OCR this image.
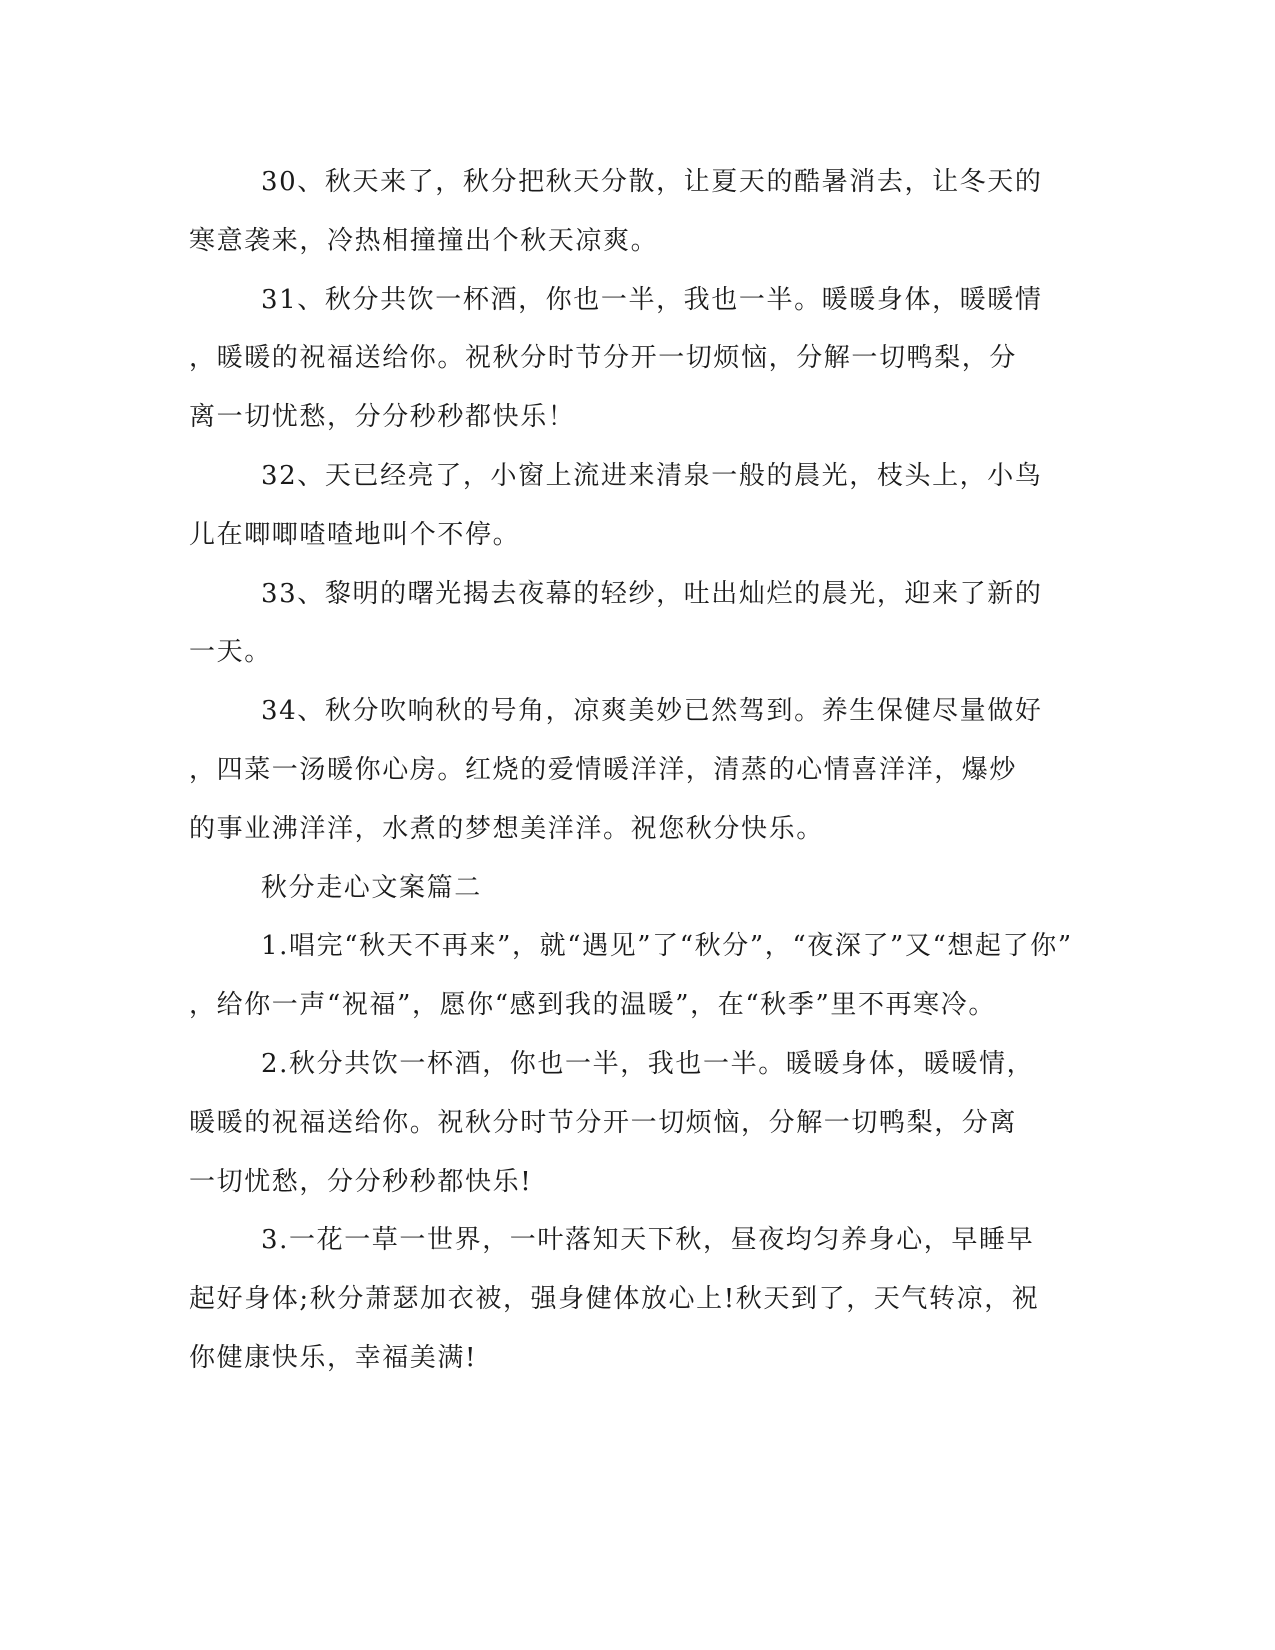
30、秋天来了，秋分把秋天分散，让夏天的酷暑消去，让冬天的

寒意袭来，冷热相撞撞出个秋天凉爽。

31、秋分共饮一杯酒，你也一半，我也一半。暖暖身体，暖暖情

，暖暖的祝福送给你。祝秋分时节分开一切烦恼，分解一切鸭梨，分

离一切忧愁，分分秒秒都快乐！

32、天已经亮了，小窗上流进来清泉一般的晨光，枝头上，小鸟

儿在唧唧喳喳地叫个不停。

33、黎明的曙光揭去夜幕的轻纱，吐出灿烂的晨光，迎来了新的

一天。

34、秋分吹响秋的号角，凉爽美妙已然驾到。养生保健尽量做好

，四菜一汤暖你心房。红烧的爱情暖洋洋，清蒸的心情喜洋洋，爆炒

的事业沸洋洋，水煮的梦想美洋洋。祝您秋分快乐。

秋分走心文案篇二

1.唱完“秋天不再来”，就“遇见”了“秋分”，“夜深了”又“想起了你”

，给你一声“祝福”，愿你“感到我的温暖”，在“秋季”里不再寒冷。

2.秋分共饮一杯酒，你也一半，我也一半。暖暖身体，暖暖情，

暖暖的祝福送给你。祝秋分时节分开一切烦恼，分解一切鸭梨，分离

一切忧愁，分分秒秒都快乐!

3.一花一草一世界，一叶落知天下秋，昼夜均匀养身心，早睡早

起好身体;秋分萧瑟加衣被，强身健体放心上!秋天到了，天气转凉，祝

你健康快乐，幸福美满!
